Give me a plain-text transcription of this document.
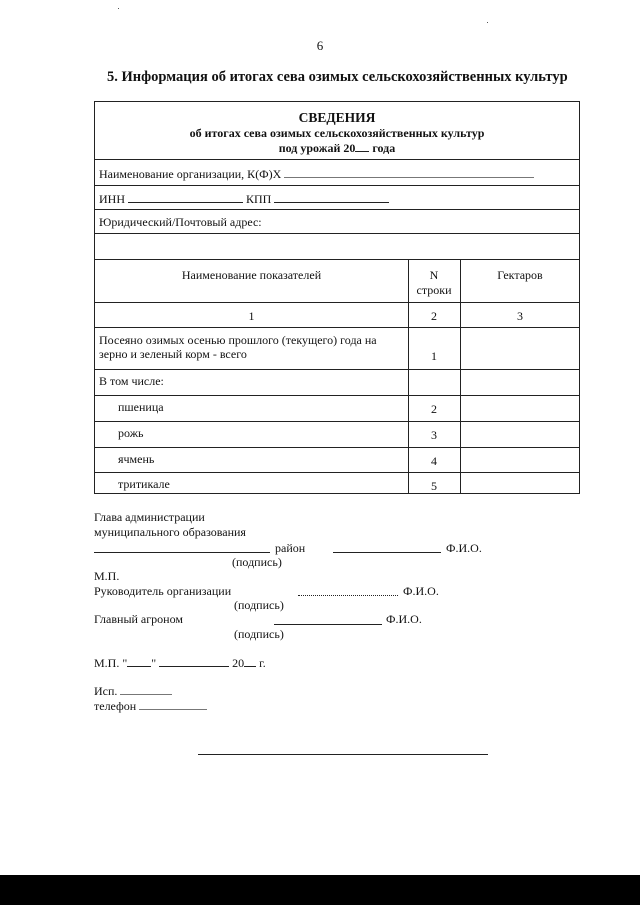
6
5. Информация об итогах сева озимых сельскохозяйственных культур
СВЕДЕНИЯ
об итогах сева озимых сельскохозяйственных культур
под урожай 20 года
Наименование организации, К(Ф)Х
ИНН	КПП
Юридический/Почтовый адрес:
Наименование показателей	N
строки
Гектаров
1	2	3
Посеяно озимых осенью прошлого (текущего) года на
зерно и зеленый корм - всего	1
В том числе:
пшеница	2
рожь	3
ячмень	4
тритикале	5
Глава администрации
муниципального образования
район	Ф.И.О.
(подпись)
М.П.
Руководитель организации	Ф.И.О.
(подпись)
Главный агроном	Ф.И.О.
(подпись)
М.П. " "	20 г.
Исп.
телефон
